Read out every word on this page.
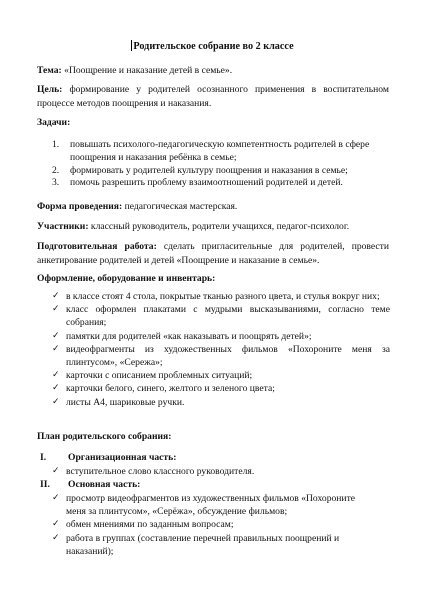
Родительское собрание во 2 классе
Тема: «Поощрение и наказание детей в семье».
Цель: формирование у родителей осознанного применения в воспитательном процессе методов поощрения и наказания.
Задачи:
1. повышать психолого-педагогическую компетентность родителей в сфере поощрения и наказания ребёнка в семье;
2. формировать у родителей культуру поощрения и наказания в семье;
3. помочь разрешить проблему взаимоотношений родителей и детей.
Форма проведения: педагогическая мастерская.
Участники: классный руководитель, родители учащихся, педагог-психолог.
Подготовительная работа: сделать пригласительные для родителей, провести анкетирование родителей и детей «Поощрение и наказание в семье».
Оформление, оборудование и инвентарь:
✓ в классе стоят 4 стола, покрытые тканью разного цвета, и стулья вокруг них;
✓ класс оформлен плакатами с мудрыми высказываниями, согласно теме собрания;
✓ памятки для родителей «как наказывать и поощрять детей»;
✓ видеофрагменты из художественных фильмов «Похороните меня за плинтусом», «Сережа»;
✓ карточки с описанием проблемных ситуаций;
✓ карточки белого, синего, желтого и зеленого цвета;
✓ листы А4, шариковые ручки.
План родительского собрания:
I. Организационная часть:
✓ вступительное слово классного руководителя.
II. Основная часть:
✓ просмотр видеофрагментов из художественных фильмов «Похороните меня за плинтусом», «Серёжа», обсуждение фильмов;
✓ обмен мнениями по заданным вопросам;
✓ работа в группах (составление перечней правильных поощрений и наказаний);
